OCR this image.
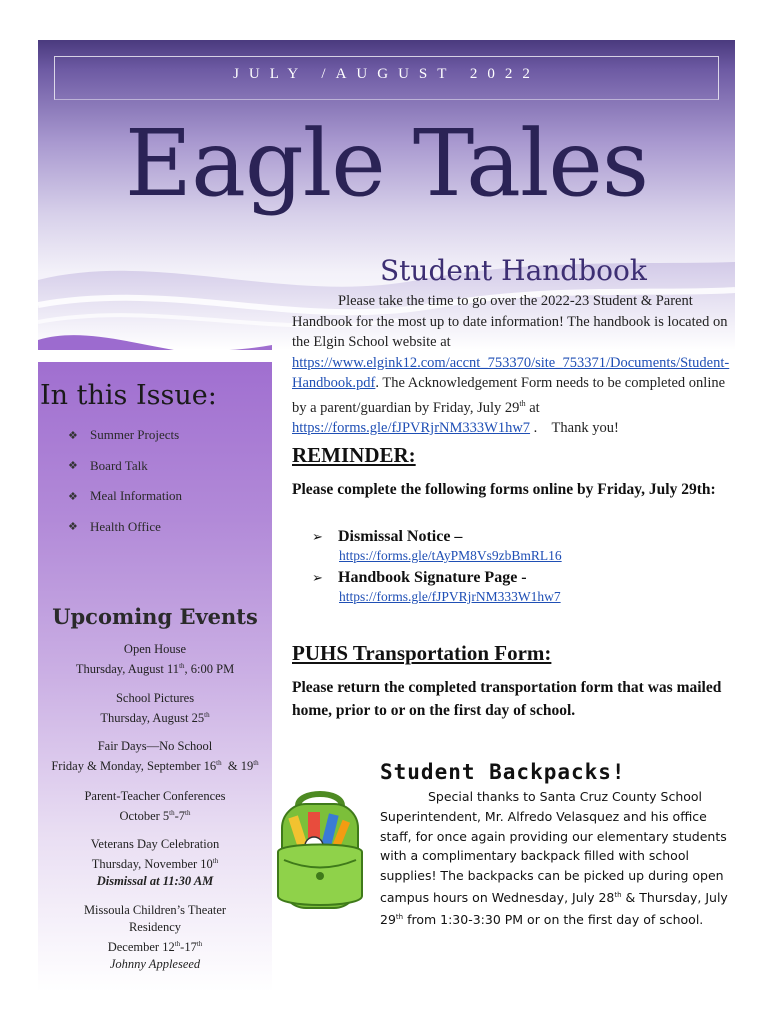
JULY /AUGUST 2022
Eagle Tales
In this Issue:
❖ Summer Projects
❖ Board Talk
❖ Meal Information
❖ Health Office
Upcoming Events
Open House
Thursday, August 11th, 6:00 PM
School Pictures
Thursday, August 25th
Fair Days—No School
Friday & Monday, September 16th  & 19th
Parent-Teacher Conferences
October 5th-7th
Veterans Day Celebration
Thursday, November 10th
Dismissal at 11:30 AM
Missoula Children’s Theater
Residency
December 12th-17th
Johnny Appleseed
Student Handbook
Please take the time to go over the 2022-23 Student & Parent Handbook for the most up to date information! The handbook is located on the Elgin School website at https://www.elgink12.com/accnt_753370/site_753371/Documents/Student-Handbook.pdf. The Acknowledgement Form needs to be completed online by a parent/guardian by Friday, July 29th at https://forms.gle/fJPVRjrNM333W1hw7 .    Thank you!
REMINDER:
Please complete the following forms online by Friday, July 29th:
➢ Dismissal Notice –
https://forms.gle/tAyPM8Vs9zbBmRL16
➢ Handbook Signature Page -
https://forms.gle/fJPVRjrNM333W1hw7
PUHS Transportation Form:
Please return the completed transportation form that was mailed home, prior to or on the first day of school.
Student Backpacks!
Special thanks to Santa Cruz County School Superintendent, Mr. Alfredo Velasquez and his office staff, for once again providing our elementary students with a complimentary backpack filled with school supplies! The backpacks can be picked up during open campus hours on Wednesday, July 28th & Thursday, July 29th from 1:30-3:30 PM or on the first day of school.
